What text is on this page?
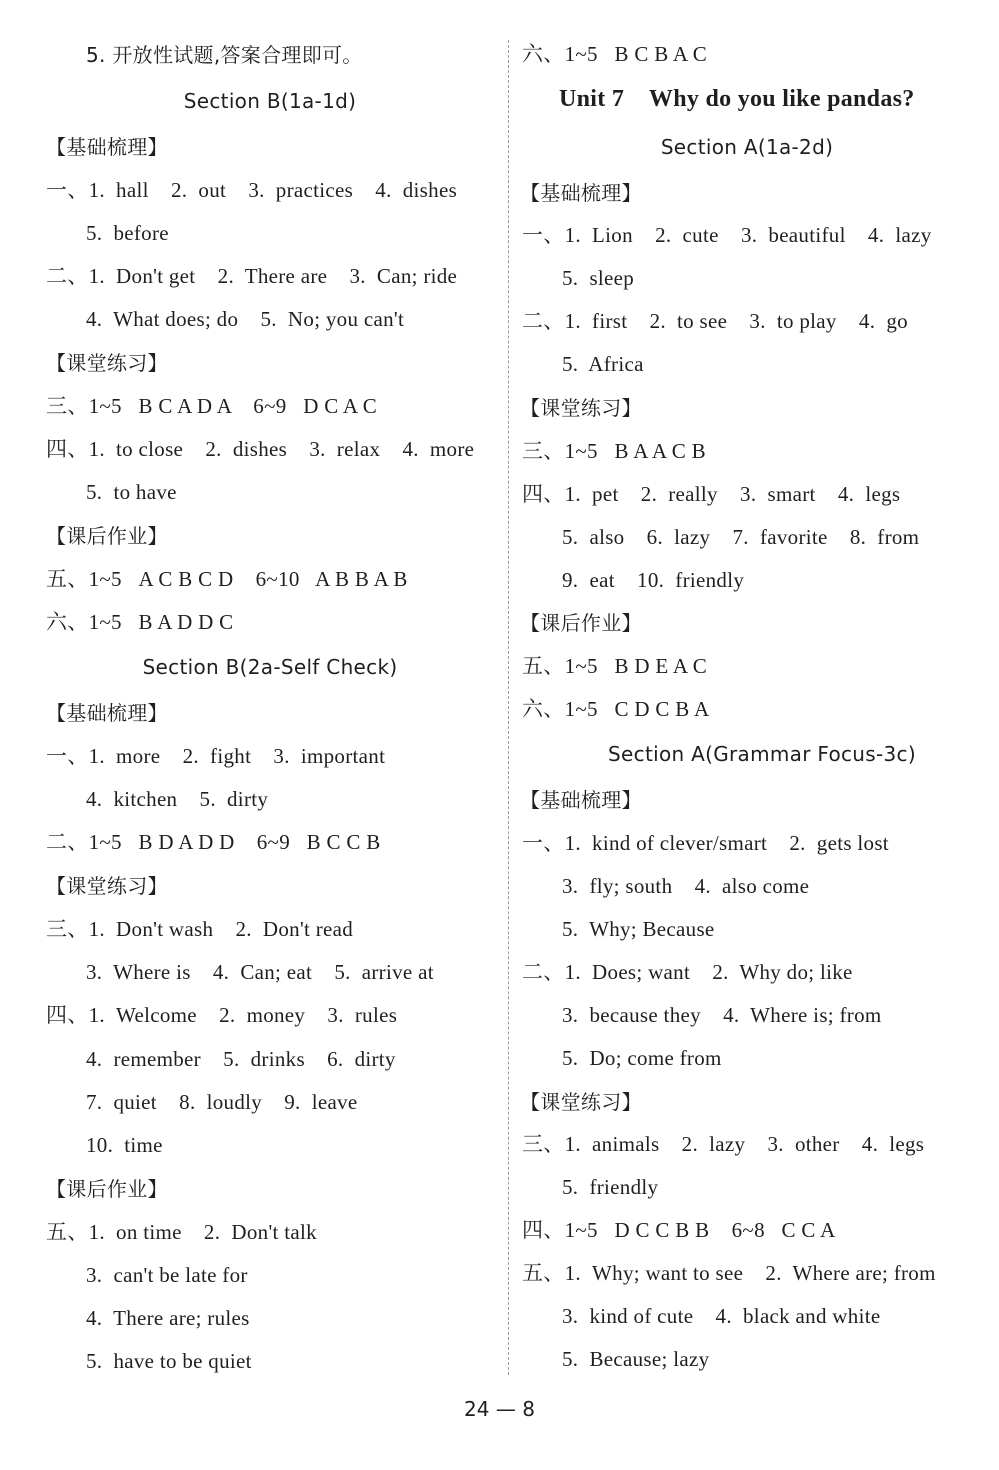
5. 开放性试题,答案合理即可。
Section B(1a-1d)
【基础梳理】
一、1.  hall    2.  out    3.  practices    4.  dishes
5.  before
二、1.  Don't get    2.  There are    3.  Can; ride
4.  What does; do    5.  No; you can't
【课堂练习】
三、1~5   B C A D A    6~9   D C A C
四、1.  to close    2.  dishes    3.  relax    4.  more
5.  to have
【课后作业】
五、1~5   A C B C D    6~10   A B B A B
六、1~5   B A D D C
Section B(2a-Self Check)
【基础梳理】
一、1.  more    2.  fight    3.  important
4.  kitchen    5.  dirty
二、1~5   B D A D D    6~9   B C C B
【课堂练习】
三、1.  Don't wash    2.  Don't read
3.  Where is    4.  Can; eat    5.  arrive at
四、1.  Welcome    2.  money    3.  rules
4.  remember    5.  drinks    6.  dirty
7.  quiet    8.  loudly    9.  leave
10.  time
【课后作业】
五、1.  on time    2.  Don't talk
3.  can't be late for
4.  There are; rules
5.  have to be quiet
六、1~5   B C B A C
Unit 7    Why do you like pandas?
Section A(1a-2d)
【基础梳理】
一、1.  Lion    2.  cute    3.  beautiful    4.  lazy
5.  sleep
二、1.  first    2.  to see    3.  to play    4.  go
5.  Africa
【课堂练习】
三、1~5   B A A C B
四、1.  pet    2.  really    3.  smart    4.  legs
5.  also    6.  lazy    7.  favorite    8.  from
9.  eat    10.  friendly
【课后作业】
五、1~5   B D E A C
六、1~5   C D C B A
Section A(Grammar Focus-3c)
【基础梳理】
一、1.  kind of clever/smart    2.  gets lost
3.  fly; south    4.  also come
5.  Why; Because
二、1.  Does; want    2.  Why do; like
3.  because they    4.  Where is; from
5.  Do; come from
【课堂练习】
三、1.  animals    2.  lazy    3.  other    4.  legs
5.  friendly
四、1~5   D C C B B    6~8   C C A
五、1.  Why; want to see    2.  Where are; from
3.  kind of cute    4.  black and white
5.  Because; lazy
24 — 8
